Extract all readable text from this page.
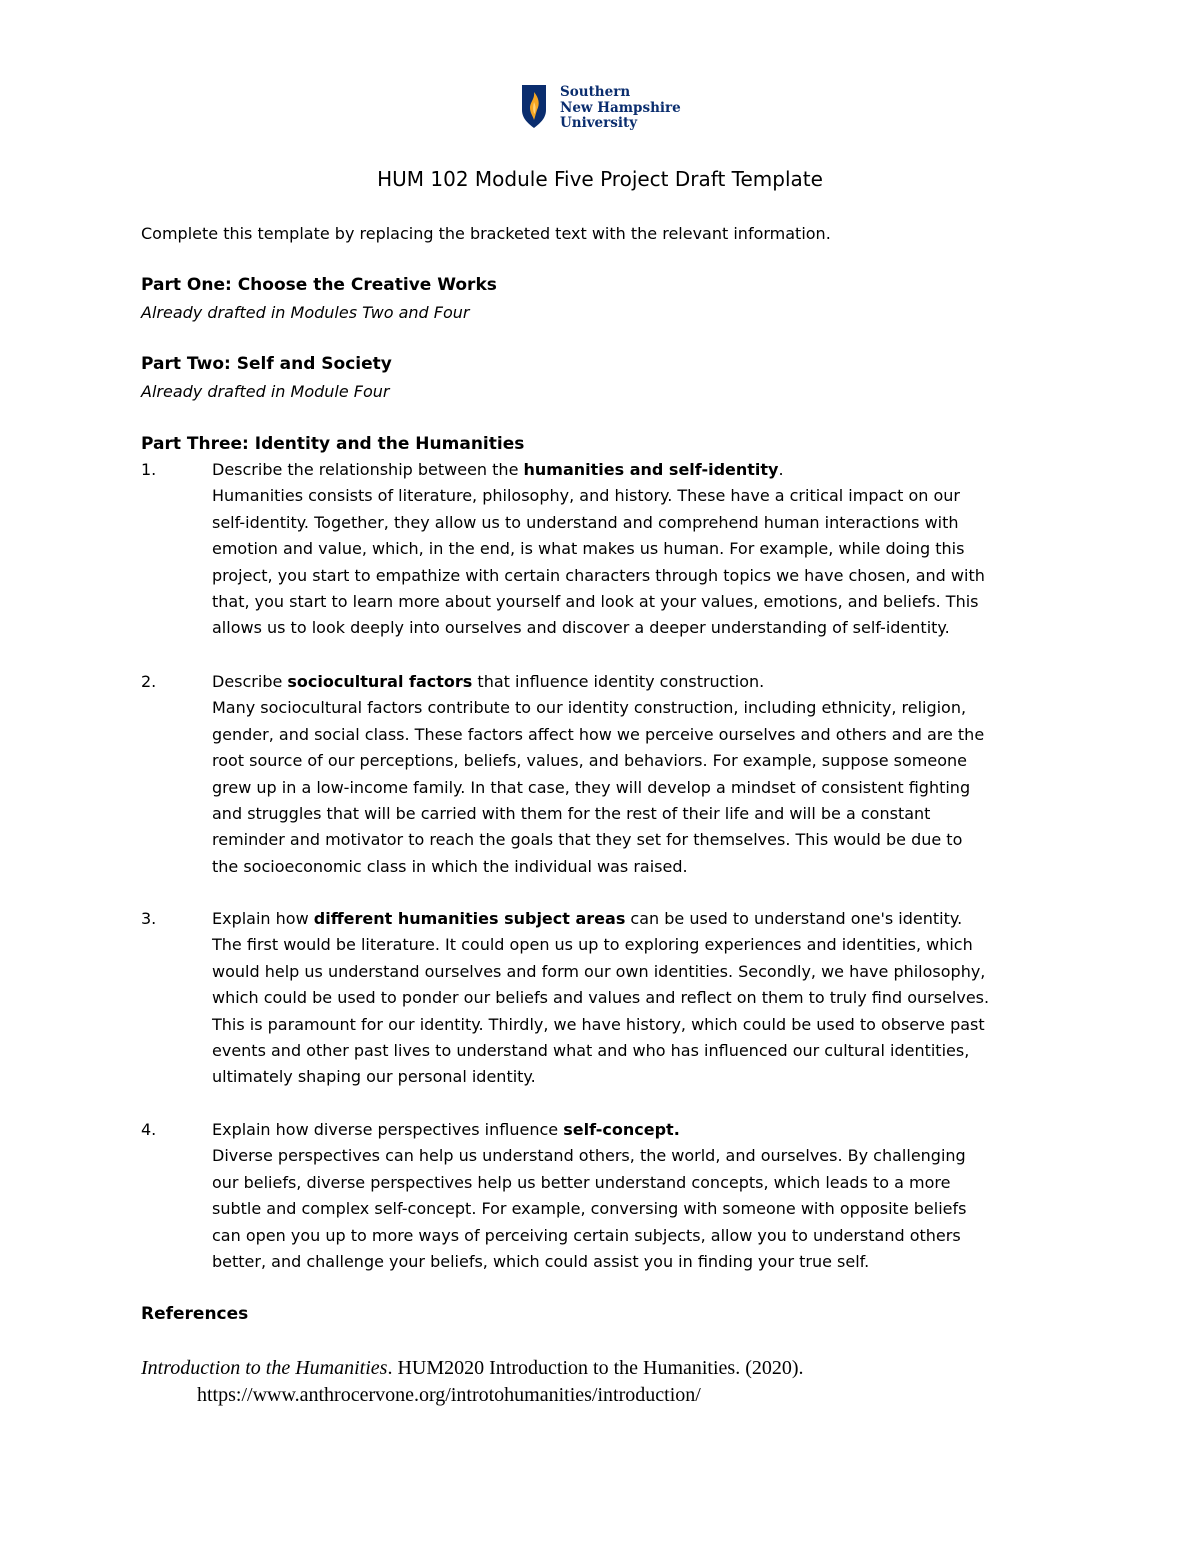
Southern
New Hampshire
University
HUM 102 Module Five Project Draft Template
Complete this template by replacing the bracketed text with the relevant information.
Part One: Choose the Creative Works
Already drafted in Modules Two and Four
Part Two: Self and Society
Already drafted in Module Four
Part Three: Identity and the Humanities
1.	Describe the relationship between the humanities and self-identity.

Humanities consists of literature, philosophy, and history. These have a critical impact on our

self-identity. Together, they allow us to understand and comprehend human interactions with

emotion and value, which, in the end, is what makes us human. For example, while doing this

project, you start to empathize with certain characters through topics we have chosen, and with

that, you start to learn more about yourself and look at your values, emotions, and beliefs. This

allows us to look deeply into ourselves and discover a deeper understanding of self-identity.

2.	Describe sociocultural factors that influence identity construction.

Many sociocultural factors contribute to our identity construction, including ethnicity, religion,

gender, and social class. These factors affect how we perceive ourselves and others and are the

root source of our perceptions, beliefs, values, and behaviors. For example, suppose someone

grew up in a low-income family. In that case, they will develop a mindset of consistent fighting

and struggles that will be carried with them for the rest of their life and will be a constant

reminder and motivator to reach the goals that they set for themselves. This would be due to

the socioeconomic class in which the individual was raised.

3.	Explain how different humanities subject areas can be used to understand one's identity.

The first would be literature. It could open us up to exploring experiences and identities, which

would help us understand ourselves and form our own identities. Secondly, we have philosophy,

which could be used to ponder our beliefs and values and reflect on them to truly find ourselves.

This is paramount for our identity. Thirdly, we have history, which could be used to observe past

events and other past lives to understand what and who has influenced our cultural identities,

ultimately shaping our personal identity.

4.	Explain how diverse perspectives influence self-concept.

Diverse perspectives can help us understand others, the world, and ourselves. By challenging

our beliefs, diverse perspectives help us better understand concepts, which leads to a more

subtle and complex self-concept. For example, conversing with someone with opposite beliefs

can open you up to more ways of perceiving certain subjects, allow you to understand others

better, and challenge your beliefs, which could assist you in finding your true self.

References
Introduction to the Humanities. HUM2020 Introduction to the Humanities. (2020).
https://www.anthrocervone.org/introtohumanities/introduction/
